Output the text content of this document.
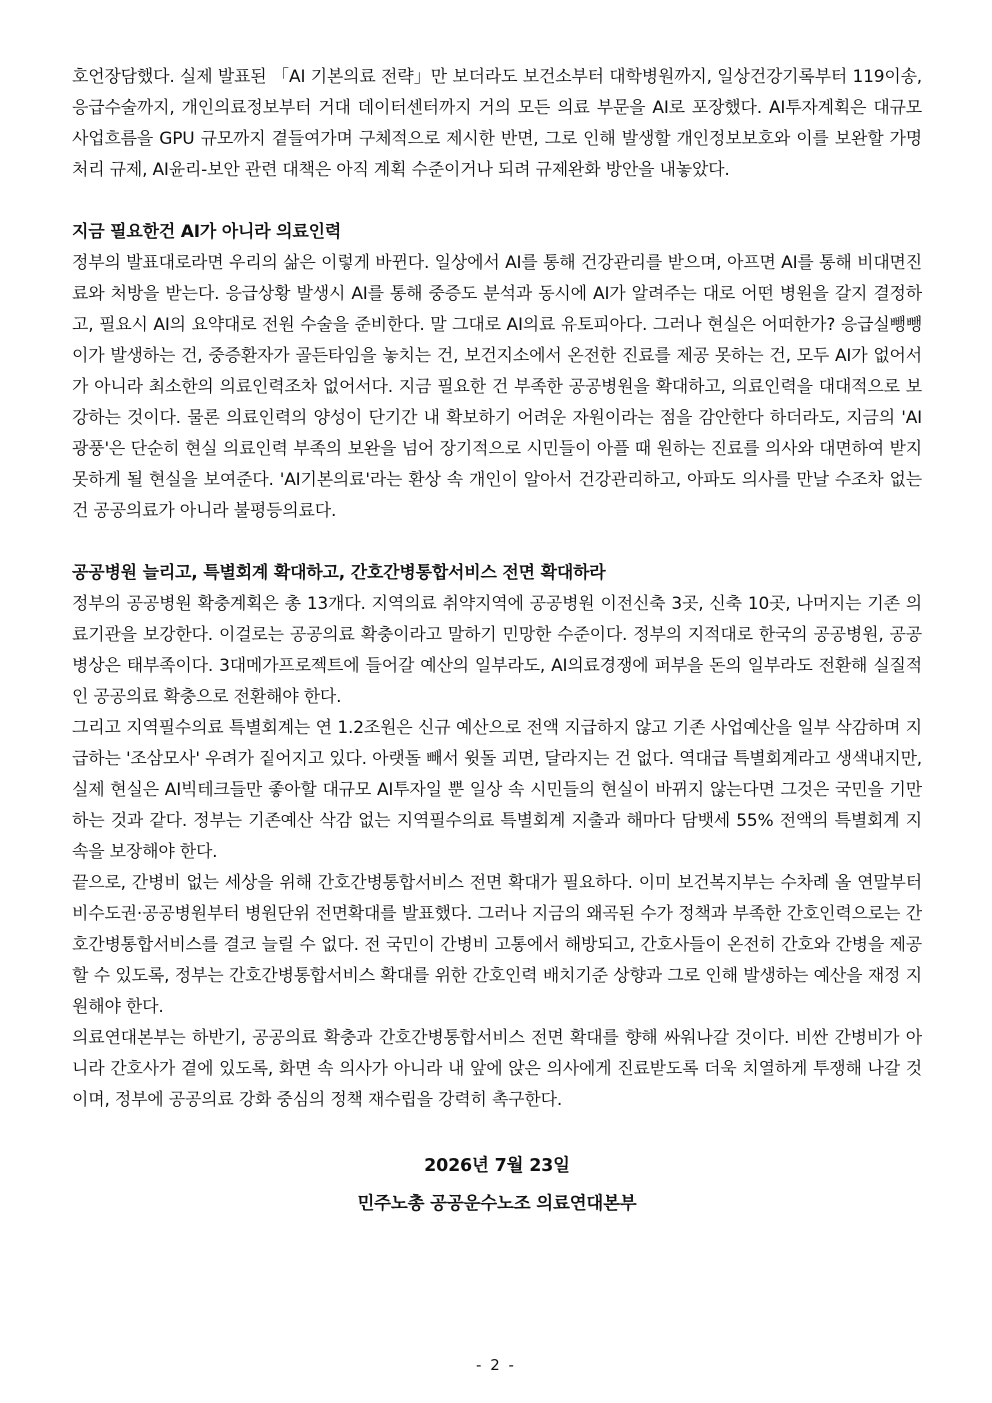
호언장담했다. 실제 발표된 「AI 기본의료 전략」만 보더라도 보건소부터 대학병원까지, 일상건강기록부터 119이송, 응급수술까지, 개인의료정보부터 거대 데이터센터까지 거의 모든 의료 부문을 AI로 포장했다. AI투자계획은 대규모 사업흐름을 GPU 규모까지 곁들여가며 구체적으로 제시한 반면, 그로 인해 발생할 개인정보보호와 이를 보완할 가명처리 규제, AI윤리-보안 관련 대책은 아직 계획 수준이거나 되려 규제완화 방안을 내놓았다.

지금 필요한건 AI가 아니라 의료인력

정부의 발표대로라면 우리의 삶은 이렇게 바뀐다. 일상에서 AI를 통해 건강관리를 받으며, 아프면 AI를 통해 비대면진료와 처방을 받는다. 응급상황 발생시 AI를 통해 중증도 분석과 동시에 AI가 알려주는 대로 어떤 병원을 갈지 결정하고, 필요시 AI의 요약대로 전원 수술을 준비한다. 말 그대로 AI의료 유토피아다. 그러나 현실은 어떠한가? 응급실뺑뺑이가 발생하는 건, 중증환자가 골든타임을 놓치는 건, 보건지소에서 온전한 진료를 제공 못하는 건, 모두 AI가 없어서가 아니라 최소한의 의료인력조차 없어서다. 지금 필요한 건 부족한 공공병원을 확대하고, 의료인력을 대대적으로 보강하는 것이다. 물론 의료인력의 양성이 단기간 내 확보하기 어려운 자원이라는 점을 감안한다 하더라도, 지금의 'AI광풍'은 단순히 현실 의료인력 부족의 보완을 넘어 장기적으로 시민들이 아플 때 원하는 진료를 의사와 대면하여 받지 못하게 될 현실을 보여준다. 'AI기본의료'라는 환상 속 개인이 알아서 건강관리하고, 아파도 의사를 만날 수조차 없는 건 공공의료가 아니라 불평등의료다.

공공병원 늘리고, 특별회계 확대하고, 간호간병통합서비스 전면 확대하라

정부의 공공병원 확충계획은 총 13개다. 지역의료 취약지역에 공공병원 이전신축 3곳, 신축 10곳, 나머지는 기존 의료기관을 보강한다. 이걸로는 공공의료 확충이라고 말하기 민망한 수준이다. 정부의 지적대로 한국의 공공병원, 공공병상은 태부족이다. 3대메가프로젝트에 들어갈 예산의 일부라도, AI의료경쟁에 퍼부을 돈의 일부라도 전환해 실질적인 공공의료 확충으로 전환해야 한다.

그리고 지역필수의료 특별회계는 연 1.2조원은 신규 예산으로 전액 지급하지 않고 기존 사업예산을 일부 삭감하며 지급하는 '조삼모사' 우려가 짙어지고 있다. 아랫돌 빼서 윗돌 괴면, 달라지는 건 없다. 역대급 특별회계라고 생색내지만, 실제 현실은 AI빅테크들만 좋아할 대규모 AI투자일 뿐 일상 속 시민들의 현실이 바뀌지 않는다면 그것은 국민을 기만하는 것과 같다. 정부는 기존예산 삭감 없는 지역필수의료 특별회계 지출과 해마다 담뱃세 55% 전액의 특별회계 지속을 보장해야 한다.

끝으로, 간병비 없는 세상을 위해 간호간병통합서비스 전면 확대가 필요하다. 이미 보건복지부는 수차례 올 연말부터 비수도권·공공병원부터 병원단위 전면확대를 발표했다. 그러나 지금의 왜곡된 수가 정책과 부족한 간호인력으로는 간호간병통합서비스를 결코 늘릴 수 없다. 전 국민이 간병비 고통에서 해방되고, 간호사들이 온전히 간호와 간병을 제공할 수 있도록, 정부는 간호간병통합서비스 확대를 위한 간호인력 배치기준 상향과 그로 인해 발생하는 예산을 재정 지원해야 한다.

의료연대본부는 하반기, 공공의료 확충과 간호간병통합서비스 전면 확대를 향해 싸워나갈 것이다. 비싼 간병비가 아니라 간호사가 곁에 있도록, 화면 속 의사가 아니라 내 앞에 앉은 의사에게 진료받도록 더욱 치열하게 투쟁해 나갈 것이며, 정부에 공공의료 강화 중심의 정책 재수립을 강력히 촉구한다.

2026년 7월 23일
민주노총 공공운수노조 의료연대본부
- 2 -
